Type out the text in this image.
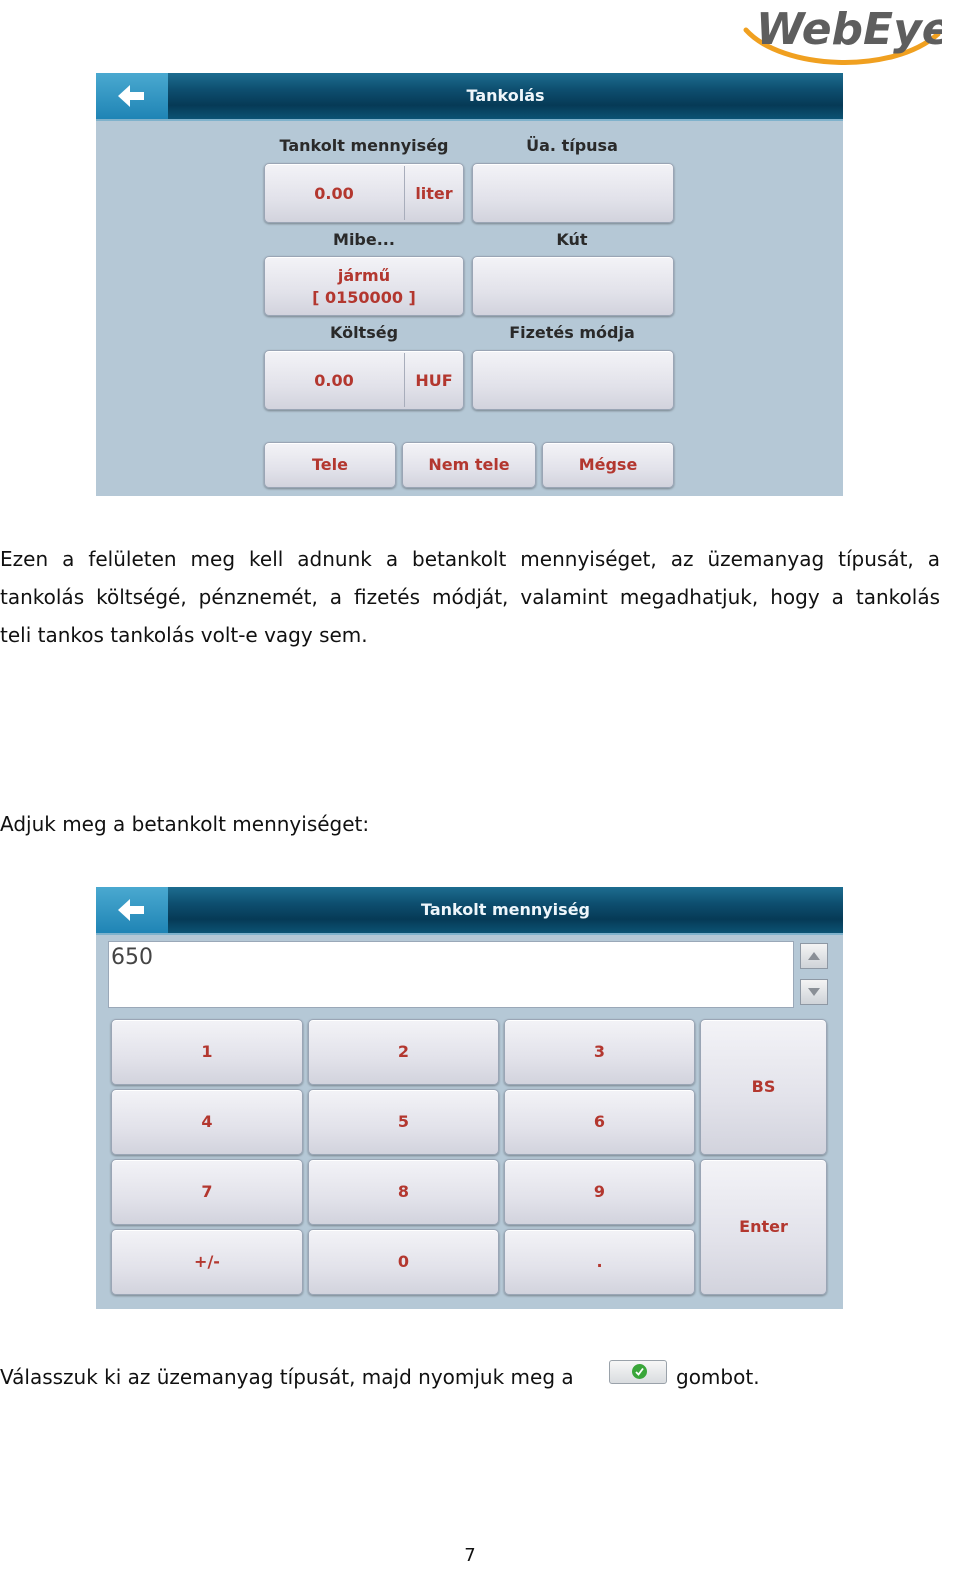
WebEye
Tankolás
Tankolt mennyiség	Üa. típusa
0.00	liter
Mibe...	Kút
jármű
[ 0150000 ]
Költség	Fizetés módja
0.00	HUF
Tele	Nem tele	Mégse
Ezen a felületen meg kell adnunk a betankolt mennyiséget, az üzemanyag típusát, a
tankolás költségé, pénznemét, a fizetés módját, valamint megadhatjuk, hogy a tankolás
teli tankos tankolás volt-e vagy sem.
Adjuk meg a betankolt mennyiséget:
Tankolt mennyiség
650
1	2	3
BS
4	5	6
7	8	9
Enter
+/-	0	.
Válasszuk ki az üzemanyag típusát, majd nyomjuk meg a	gombot.
7
